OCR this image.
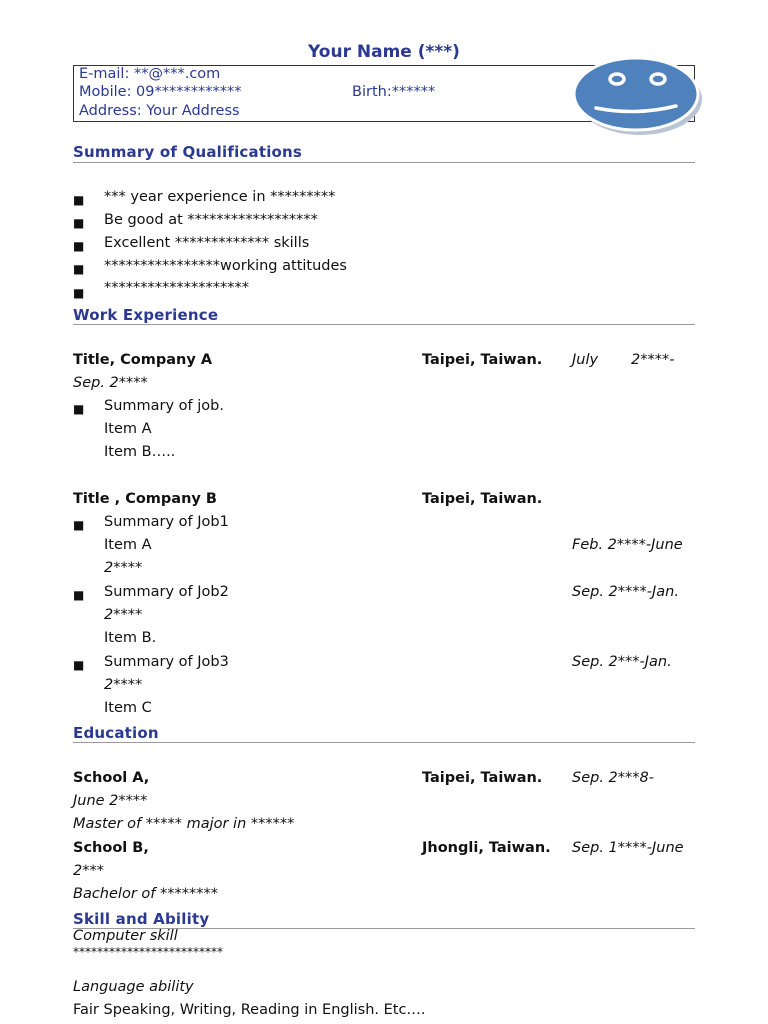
Your Name (***)
E-mail: **@***.com
Mobile: 09************	Birth:******
Address: Your Address
Summary of Qualifications
■ *** year experience in *********
■ Be good at ******************
■ Excellent ************* skills
■ ****************working attitudes
■ ********************
Work Experience
Title, Company A	Taipei, Taiwan. July 2****-
Sep. 2****
■ Summary of job.
Item A
Item B…..
Title , Company B	Taipei, Taiwan.
■ Summary of Job1
Item A	Feb. 2****-June
2****
■ Summary of Job2	Sep. 2****-Jan.
2****
Item B.
■ Summary of Job3	Sep. 2***-Jan.
2****
Item C
Education
School A,	Taipei, Taiwan. Sep. 2***8-
June 2****
Master of ***** major in ******
School B,	Jhongli, Taiwan. Sep. 1****-June
2***
Bachelor of ********
Skill and Ability
Computer skill
*************************
Language ability
Fair Speaking, Writing, Reading in English. Etc….
